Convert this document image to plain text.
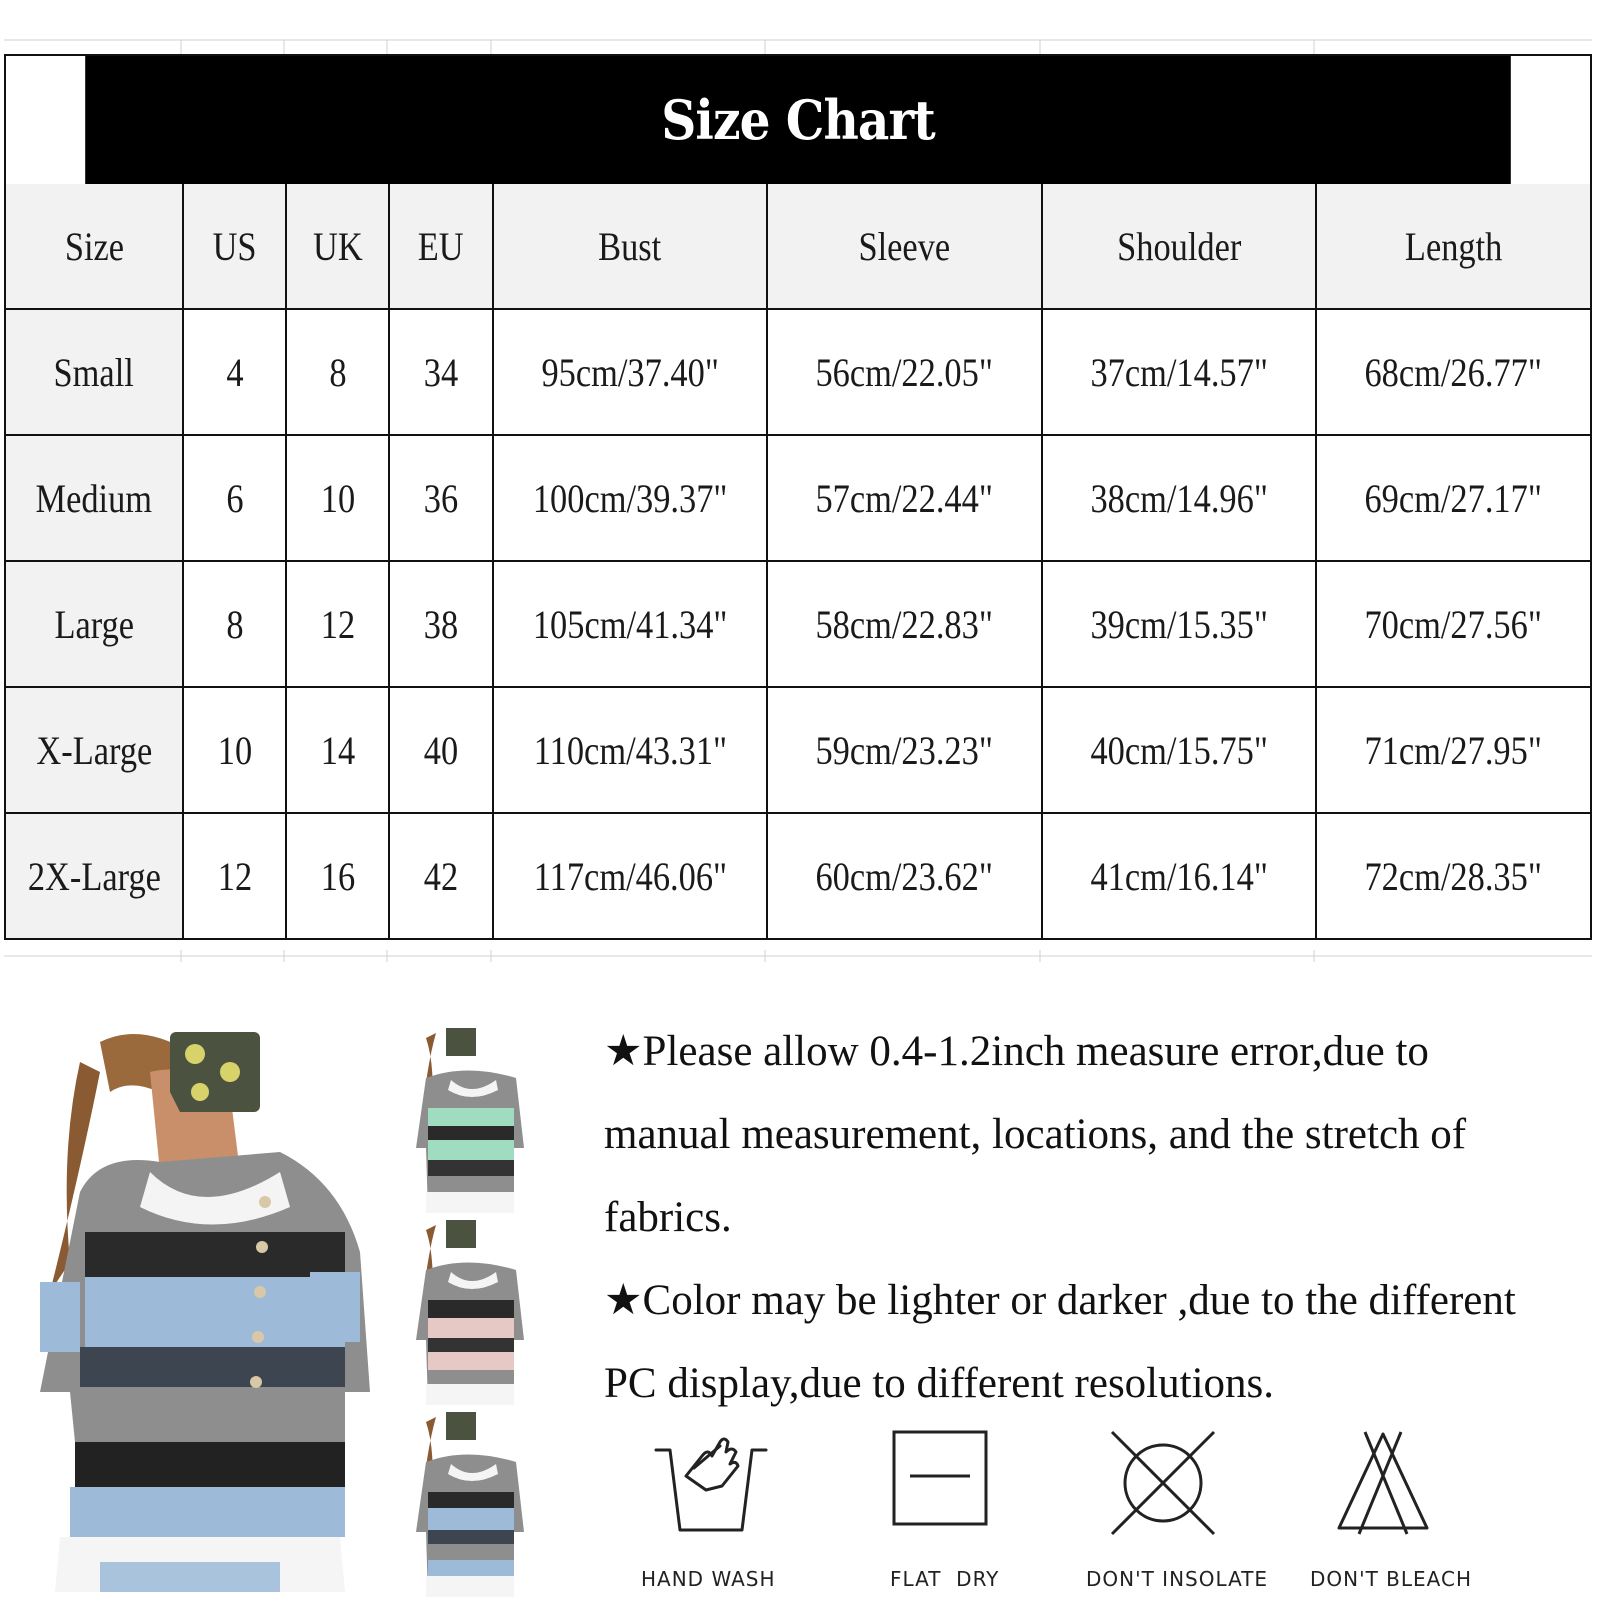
Size Chart
Size	US	UK	EU	Bust	Sleeve	Shoulder	Length
Small	4	8	34	95cm/37.40"	56cm/22.05"	37cm/14.57"	68cm/26.77"
Medium	6	10	36	100cm/39.37"	57cm/22.44"	38cm/14.96"	69cm/27.17"
Large	8	12	38	105cm/41.34"	58cm/22.83"	39cm/15.35"	70cm/27.56"
X-Large	10	14	40	110cm/43.31"	59cm/23.23"	40cm/15.75"	71cm/27.95"
2X-Large	12	16	42	117cm/46.06"	60cm/23.62"	41cm/16.14"	72cm/28.35"

★Please allow 0.4-1.2inch measure error,due to manual measurement, locations, and the stretch of fabrics.

★Color may be lighter or darker ,due to the different PC display,due to different resolutions.

HAND WASH	FLAT  DRY	DON'T INSOLATE DON'T BLEACH
